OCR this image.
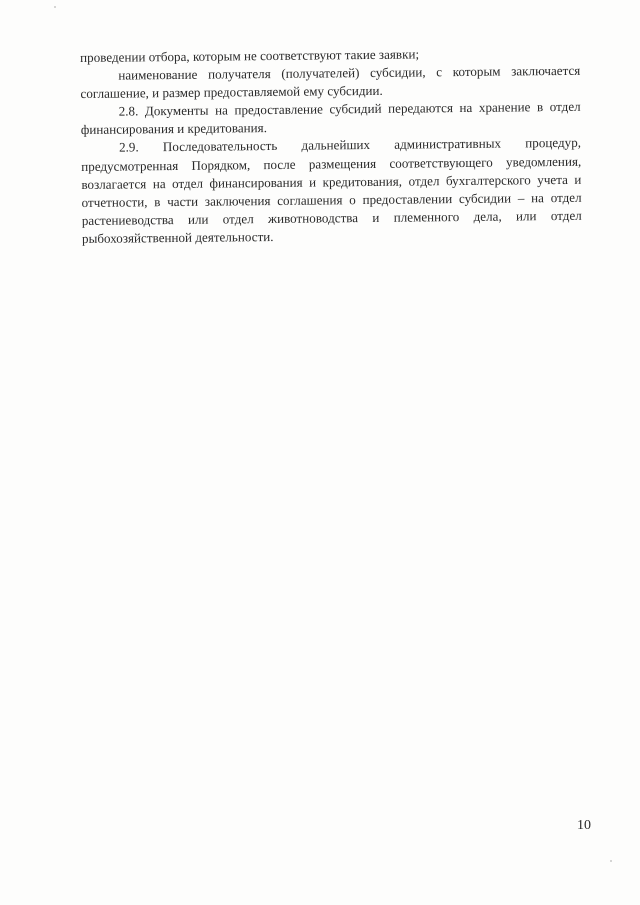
проведении отбора, которым не соответствуют такие заявки;

наименование получателя (получателей) субсидии, с которым заключается соглашение, и размер предоставляемой ему субсидии.

2.8. Документы на предоставление субсидий передаются на хранение в отдел финансирования и кредитования.

2.9. Последовательность дальнейших административных процедур, предусмотренная Порядком, после размещения соответствующего уведомления, возлагается на отдел финансирования и кредитования, отдел бухгалтерского учета и отчетности, в части заключения соглашения о предоставлении субсидии – на отдел растениеводства или отдел животноводства и племенного дела, или отдел рыбохозяйственной деятельности.

10
